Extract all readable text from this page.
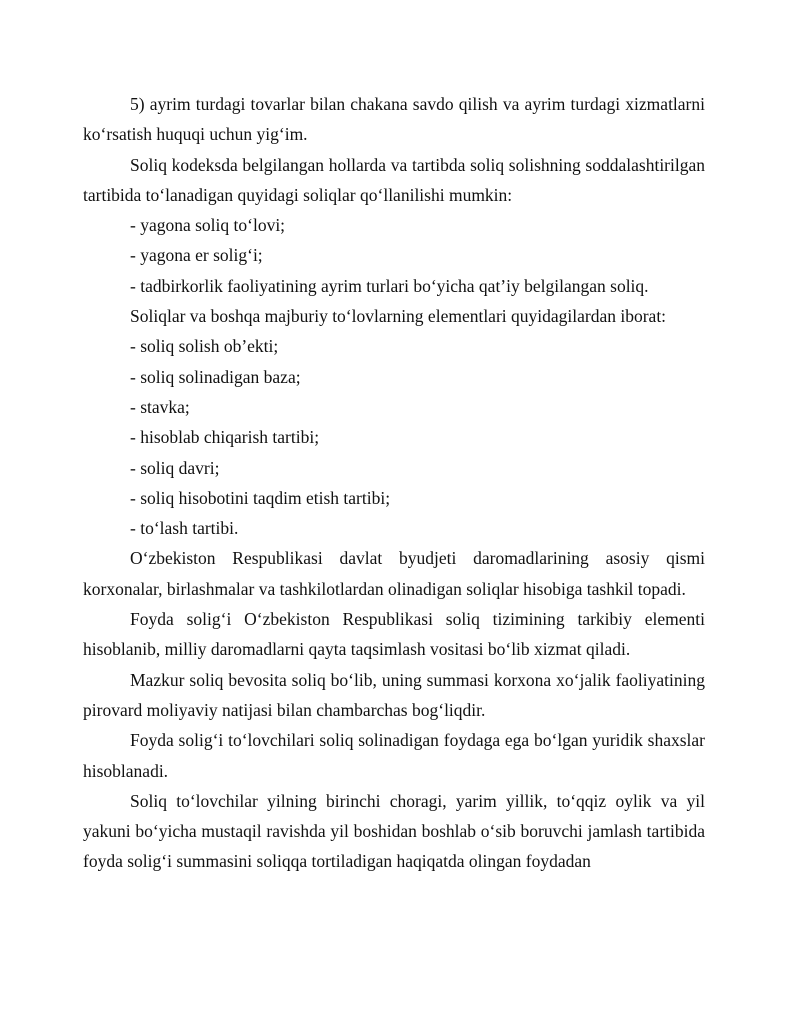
5) ayrim turdagi tovarlar bilan chakana savdo qilish va ayrim turdagi xizmatlarni ko‘rsatish huquqi uchun yig‘im.

Soliq kodeksda belgilangan hollarda va tartibda soliq solishning soddalashtirilgan tartibida to‘lanadigan quyidagi soliqlar qo‘llanilishi mumkin:

- yagona soliq to‘lovi;
- yagona er solig‘i;
- tadbirkorlik faoliyatining ayrim turlari bo‘yicha qat’iy belgilangan soliq.

Soliqlar va boshqa majburiy to‘lovlarning elementlari quyidagilardan iborat:

- soliq solish ob’ekti;
- soliq solinadigan baza;
- stavka;
- hisoblab chiqarish tartibi;
- soliq davri;
- soliq hisobotini taqdim etish tartibi;
- to‘lash tartibi.

O‘zbekiston Respublikasi davlat byudjeti daromadlarining asosiy qismi korxonalar, birlashmalar va tashkilotlardan olinadigan soliqlar hisobiga tashkil topadi.

Foyda solig‘i O‘zbekiston Respublikasi soliq tizimining tarkibiy elementi hisoblanib, milliy daromadlarni qayta taqsimlash vositasi bo‘lib xizmat qiladi.

Mazkur soliq bevosita soliq bo‘lib, uning summasi korxona xo‘jalik faoliyatining pirovard moliyaviy natijasi bilan chambarchas bog‘liqdir.

Foyda solig‘i to‘lovchilari soliq solinadigan foydaga ega bo‘lgan yuridik shaxslar hisoblanadi.

Soliq to‘lovchilar yilning birinchi choragi, yarim yillik, to‘qqiz oylik va yil yakuni bo‘yicha mustaqil ravishda yil boshidan boshlab o‘sib boruvchi jamlash tartibida foyda solig‘i summasini soliqqa tortiladigan haqiqatda olingan foydadan
